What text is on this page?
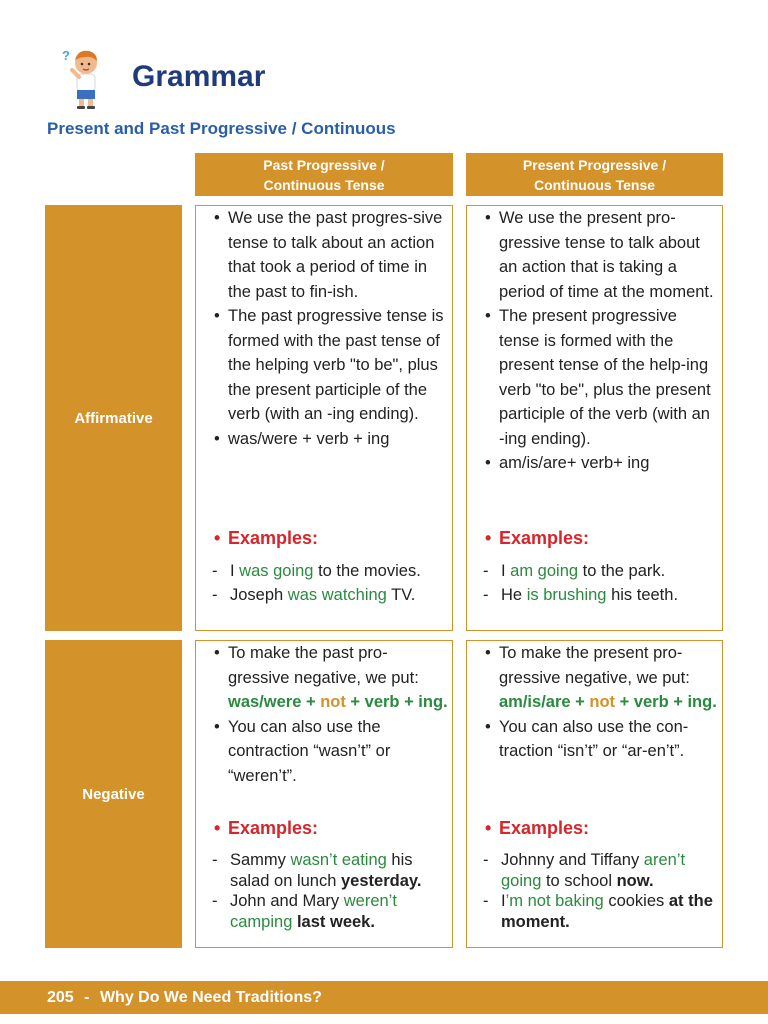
?
Grammar
Present and Past Progressive / Continuous
Past Progressive /
Continuous Tense
Present Progressive /
Continuous Tense
Affirmative
Negative
• We use the past progres-sive tense to talk about an action that took a period of time in the past to fin-ish.
• The past progressive tense is formed with the past tense of the helping verb "to be", plus the present participle of the verb (with an -ing ending).
• was/were + verb + ing
• Examples:
- I was going to the movies.
- Joseph was watching TV.
• We use the present pro-gressive tense to talk about an action that is taking a period of time at the moment.
• The present progressive tense is formed with the present tense of the help-ing verb "to be", plus the present participle of the verb (with an -ing ending).
• am/is/are+ verb+ ing
• Examples:
- I am going to the park.
- He is brushing his teeth.
• To make the past pro-gressive negative, we put: was/were + not + verb + ing.
• You can also use the contraction “wasn’t” or “weren’t”.
• Examples:
- Sammy wasn’t eating his salad on lunch yesterday.
- John and Mary weren’t camping last week.
• To make the present pro-gressive negative, we put: am/is/are + not + verb + ing.
• You can also use the con-traction “isn’t” or “ar-en’t”.
• Examples:
- Johnny and Tiffany aren’t going to school now.
- I’m not baking cookies at the moment.
205 - Why Do We Need Traditions?
